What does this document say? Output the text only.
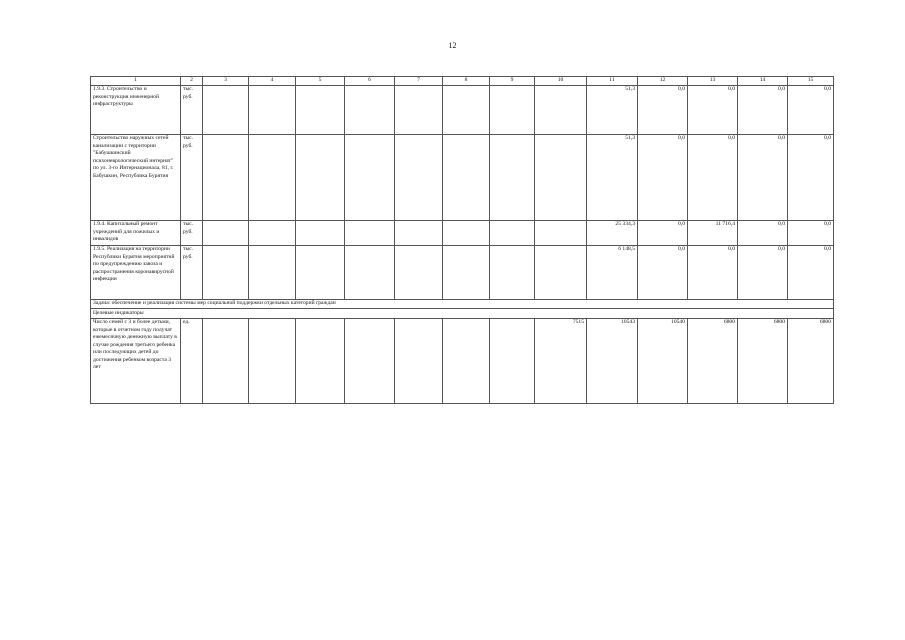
12
1	2	3	4	5	6	7	8	9	10	11	12	13	14	15
1.9.3. Строительство и реконструкция инженерной инфраструктуры	тыс. руб.									51,3	0,0	0,0	0,0	0,0
Строительство наружных сетей канализации с территории "Бабушкинский психоневрологический интернат" по ул. 3-го Интернационала, 81, г. Бабушкин, Республика Бурятия	тыс. руб.									51,3	0,0	0,0	0,0	0,0
1.9.4. Капитальный ремонт учреждений для пожилых и инвалидов	тыс. руб.									25 334,3	0,0	11 716,4	0,0	0,0
1.9.5. Реализация на территории Республики Бурятия мероприятий по предупреждению завоза и распространения коронавирусной инфекции	тыс. руб.									6 148,5	0,0	0,0	0,0	0,0
Задача: обеспечение и реализация системы мер социальной поддержки отдельных категорий граждан														
Целевые индикаторы														
Число семей с 3 и более детьми, которые в отчетном году получат ежемесячную денежную выплату в случае рождения третьего ребенка или последующих детей до достижения ребенком возраста 3 лет	ед.								7515	10543	10540	6800	6800	6800
